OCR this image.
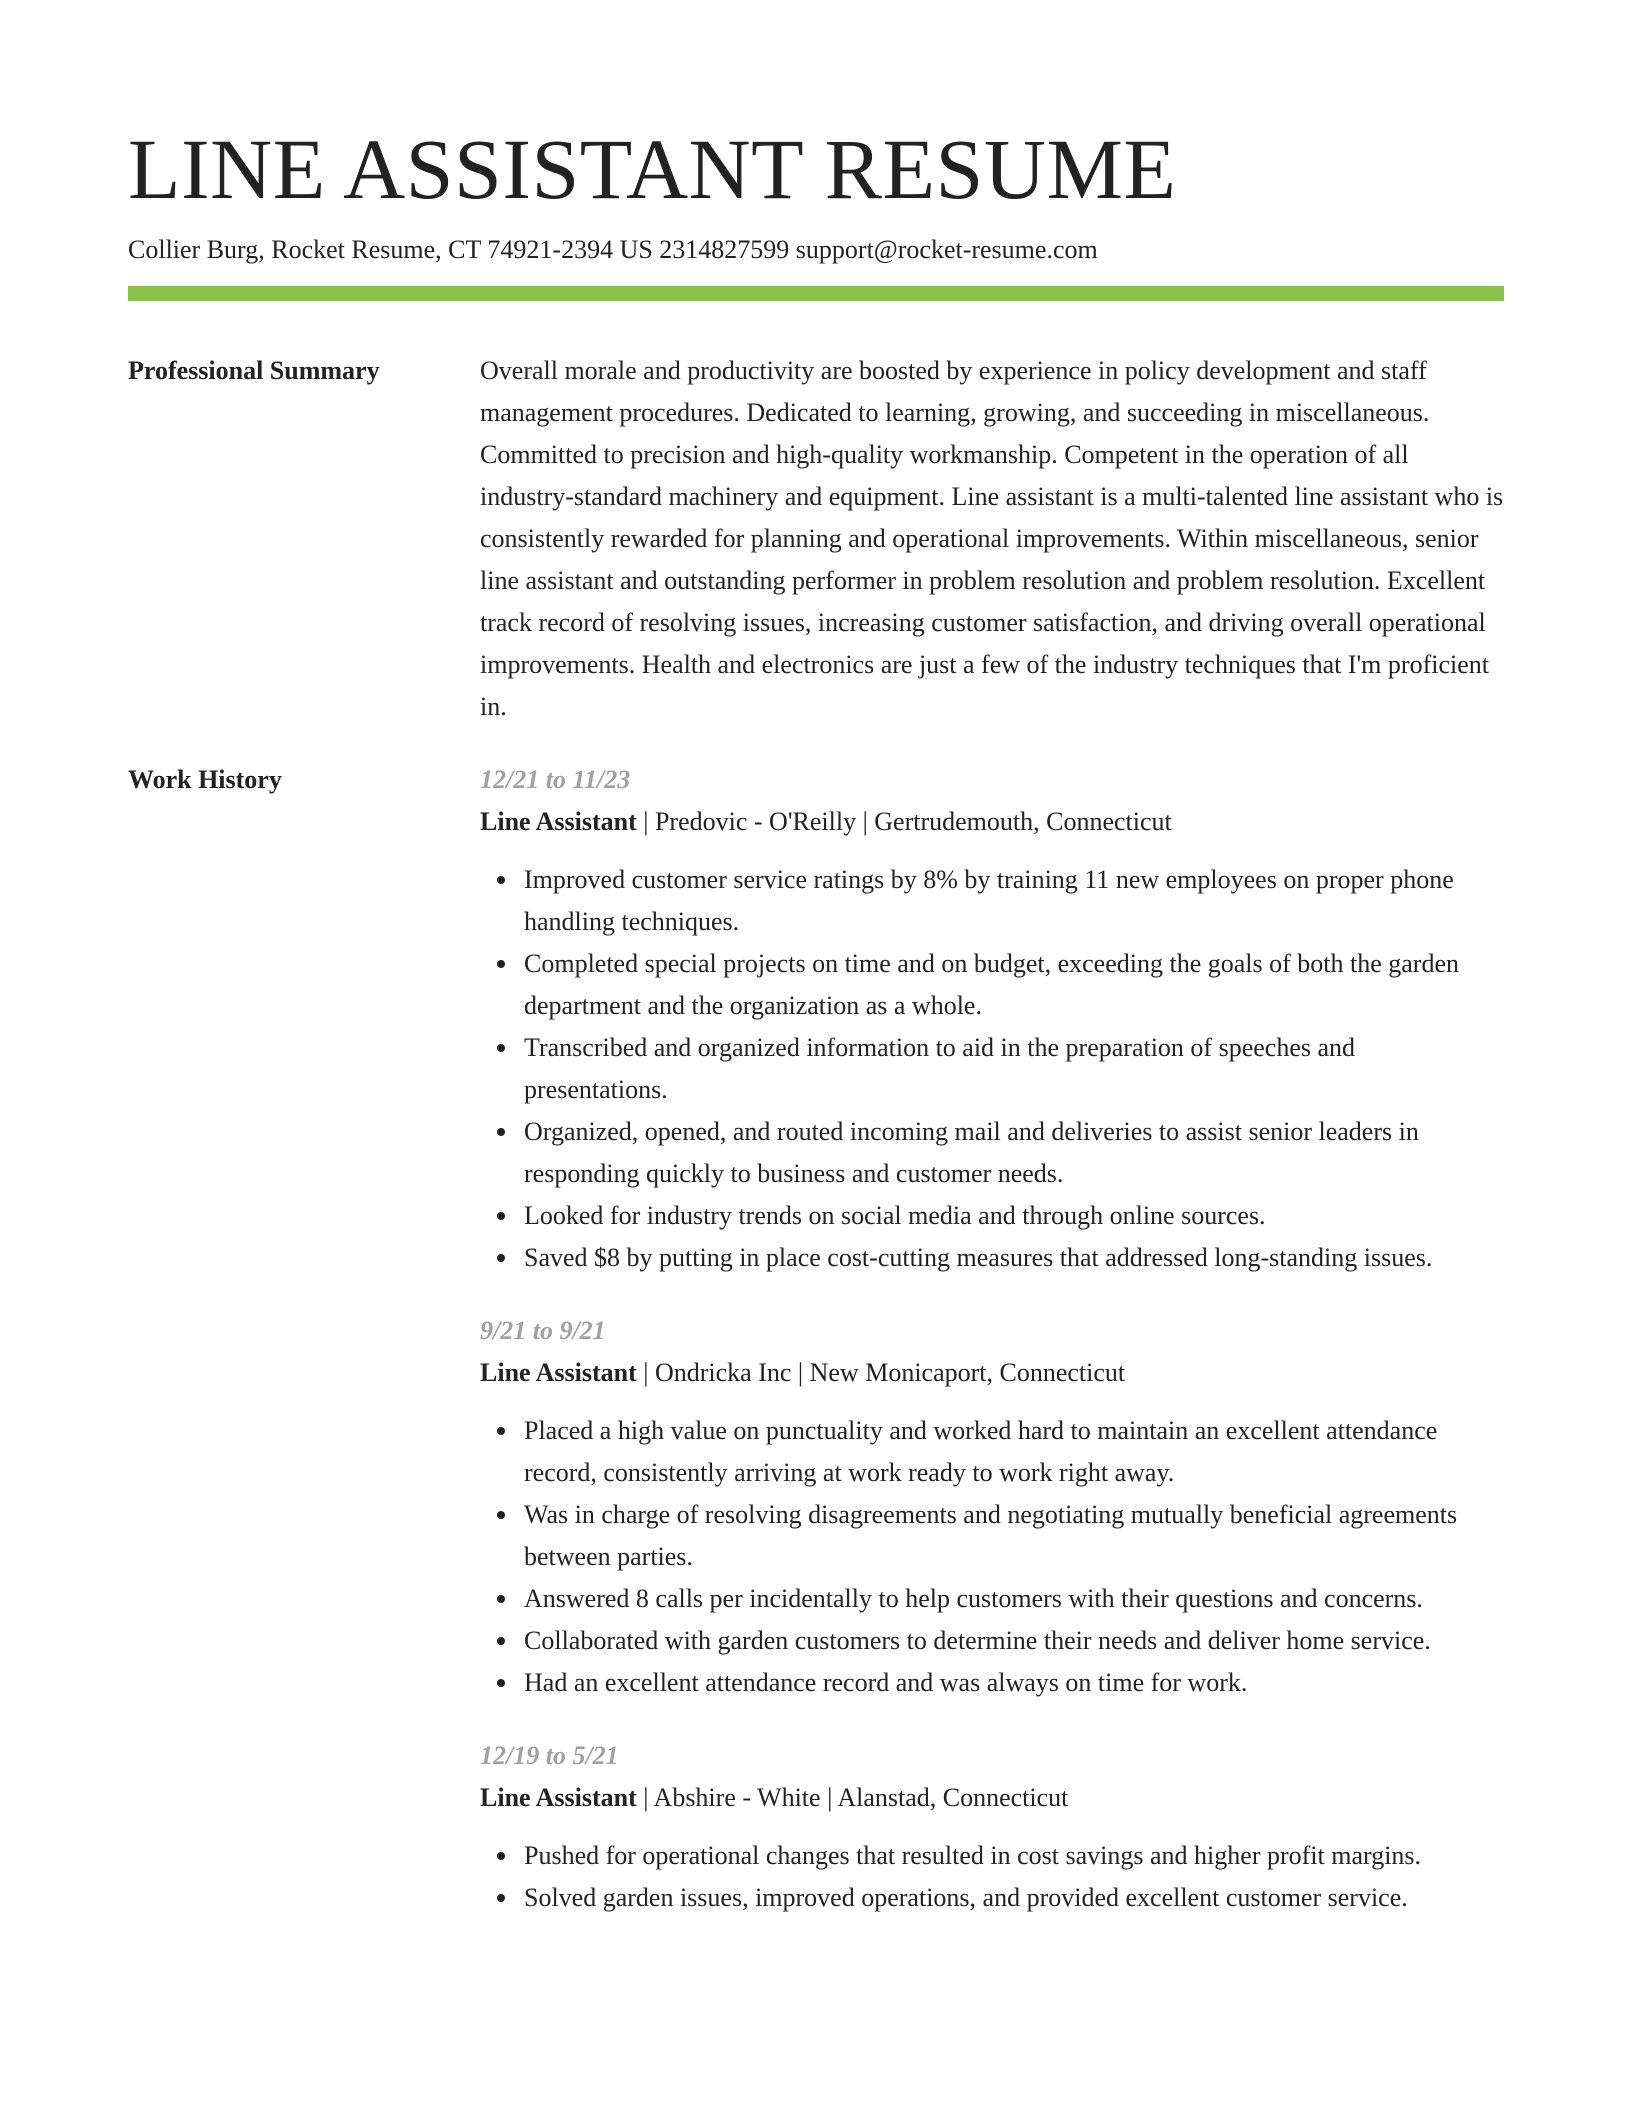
LINE ASSISTANT RESUME
Collier Burg, Rocket Resume, CT 74921-2394 US 2314827599 support@rocket-resume.com
Professional Summary	Overall morale and productivity are boosted by experience in policy development and staff management procedures. Dedicated to learning, growing, and succeeding in miscellaneous. Committed to precision and high-quality workmanship. Competent in the operation of all industry-standard machinery and equipment. Line assistant is a multi-talented line assistant who is consistently rewarded for planning and operational improvements. Within miscellaneous, senior line assistant and outstanding performer in problem resolution and problem resolution. Excellent track record of resolving issues, increasing customer satisfaction, and driving overall operational improvements. Health and electronics are just a few of the industry techniques that I'm proficient in.

Work History	12/21 to 11/23
Line Assistant | Predovic - O'Reilly | Gertrudemouth, Connecticut
Improved customer service ratings by 8% by training 11 new employees on proper phone handling techniques.
Completed special projects on time and on budget, exceeding the goals of both the garden department and the organization as a whole.
Transcribed and organized information to aid in the preparation of speeches and presentations.
Organized, opened, and routed incoming mail and deliveries to assist senior leaders in responding quickly to business and customer needs.
Looked for industry trends on social media and through online sources.
Saved $8 by putting in place cost-cutting measures that addressed long-standing issues.
9/21 to 9/21
Line Assistant | Ondricka Inc | New Monicaport, Connecticut
Placed a high value on punctuality and worked hard to maintain an excellent attendance record, consistently arriving at work ready to work right away.
Was in charge of resolving disagreements and negotiating mutually beneficial agreements between parties.
Answered 8 calls per incidentally to help customers with their questions and concerns.
Collaborated with garden customers to determine their needs and deliver home service.
Had an excellent attendance record and was always on time for work.
12/19 to 5/21
Line Assistant | Abshire - White | Alanstad, Connecticut
Pushed for operational changes that resulted in cost savings and higher profit margins.
Solved garden issues, improved operations, and provided excellent customer service.
